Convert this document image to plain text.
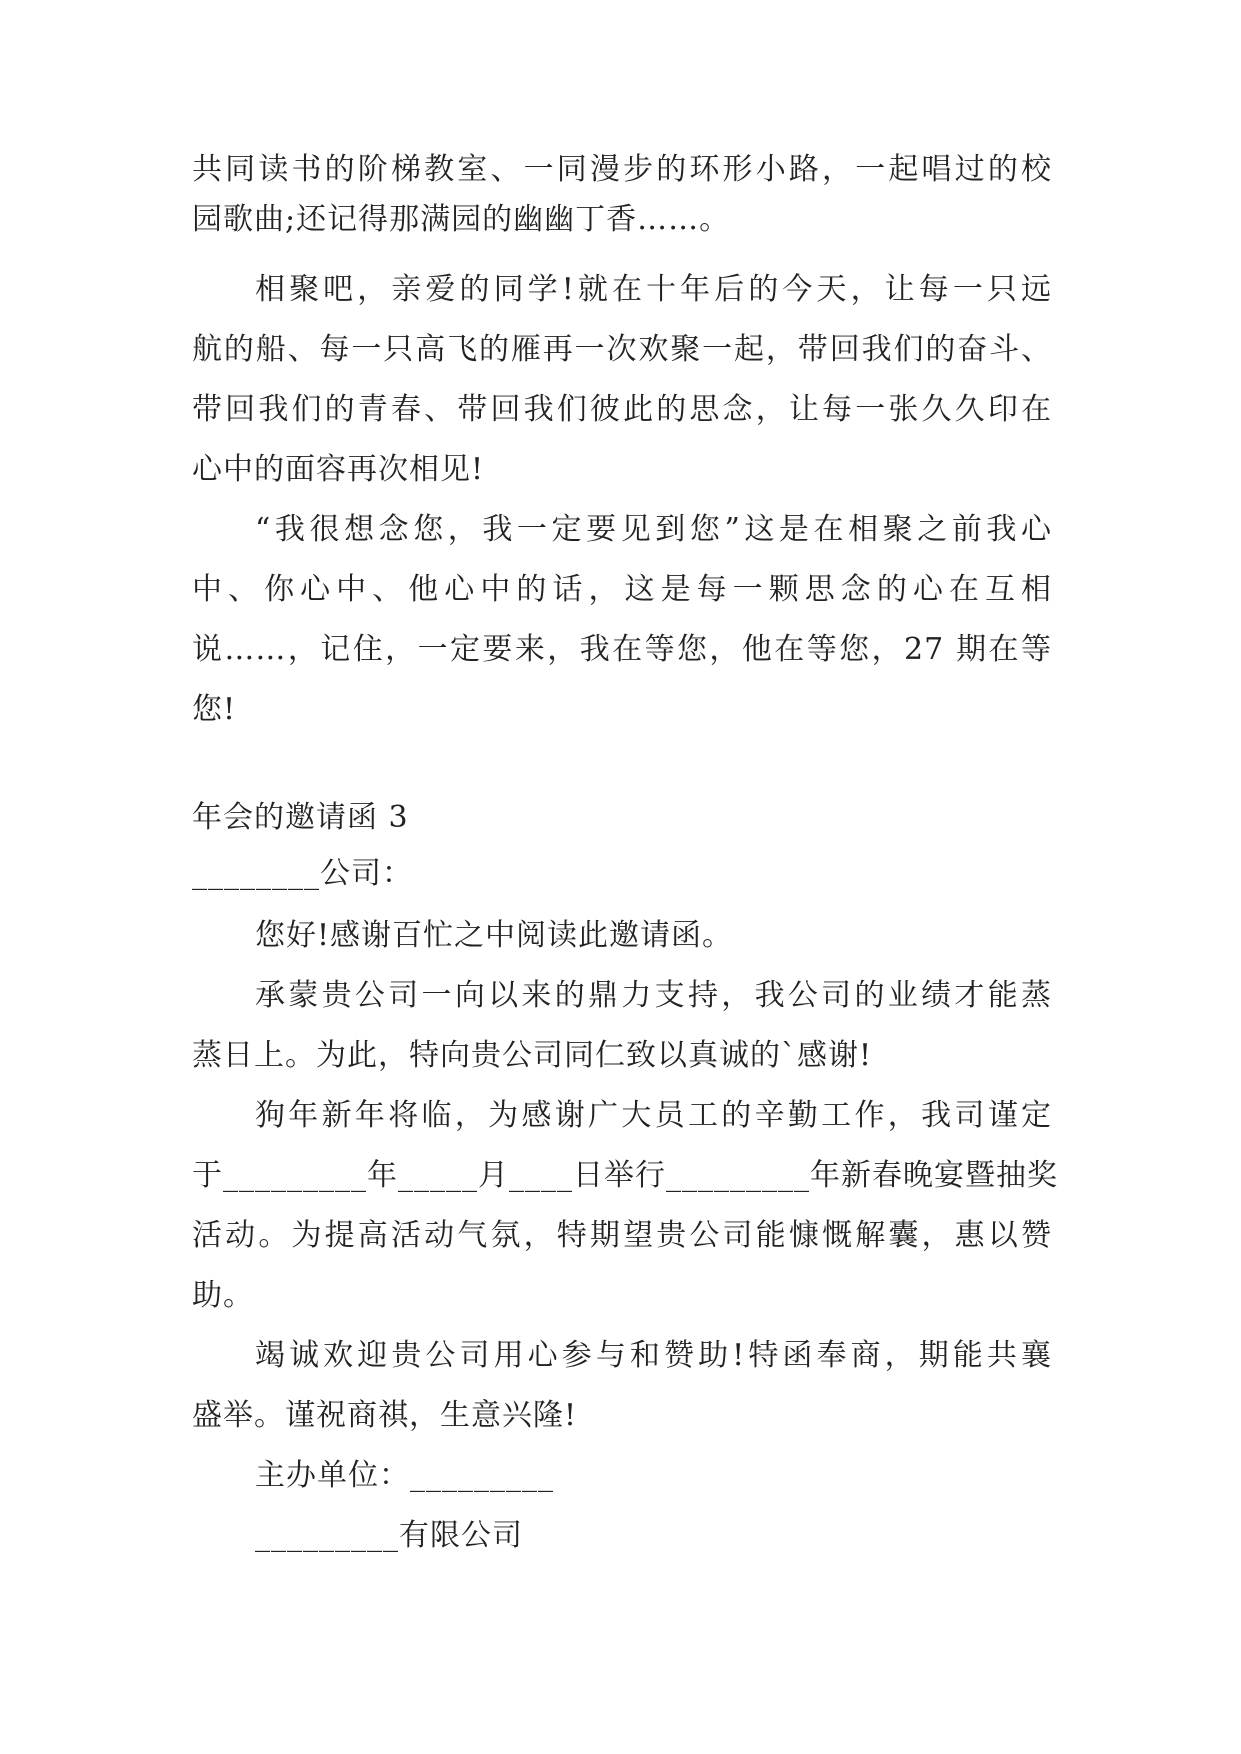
共同读书的阶梯教室、一同漫步的环形小路，一起唱过的校
园歌曲;还记得那满园的幽幽丁香……。
相聚吧，亲爱的同学!就在十年后的今天，让每一只远
航的船、每一只高飞的雁再一次欢聚一起，带回我们的奋斗、
带回我们的青春、带回我们彼此的思念，让每一张久久印在
心中的面容再次相见!
“我很想念您，我一定要见到您”这是在相聚之前我心
中、你心中、他心中的话，这是每一颗思念的心在互相
说……，记住，一定要来，我在等您，他在等您，27 期在等
您!
年会的邀请函 3
________公司：
您好!感谢百忙之中阅读此邀请函。
承蒙贵公司一向以来的鼎力支持，我公司的业绩才能蒸
蒸日上。为此，特向贵公司同仁致以真诚的`感谢!
狗年新年将临，为感谢广大员工的辛勤工作，我司谨定
于_________年_____月____日举行_________年新春晚宴暨抽奖
活动。为提高活动气氛，特期望贵公司能慷慨解囊，惠以赞
助。
竭诚欢迎贵公司用心参与和赞助!特函奉商，期能共襄
盛举。谨祝商祺，生意兴隆!
主办单位：_________
_________有限公司
